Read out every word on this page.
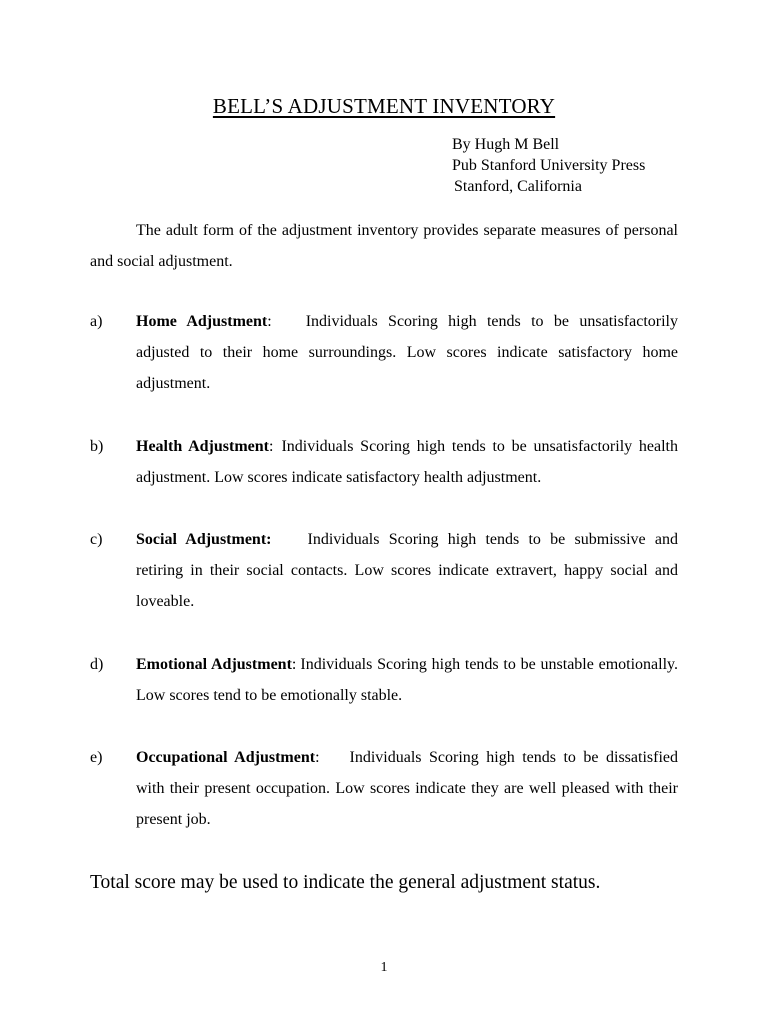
BELL’S ADJUSTMENT INVENTORY
By Hugh M Bell
Pub Stanford University Press
Stanford, California

The adult form of the adjustment inventory provides separate measures of personal and social adjustment.

a) Home Adjustment: Individuals Scoring high tends to be unsatisfactorily adjusted to their home surroundings. Low scores indicate satisfactory home adjustment.
b) Health Adjustment: Individuals Scoring high tends to be unsatisfactorily health adjustment. Low scores indicate satisfactory health adjustment.
c) Social Adjustment: Individuals Scoring high tends to be submissive and retiring in their social contacts. Low scores indicate extravert, happy social and loveable.
d) Emotional Adjustment: Individuals Scoring high tends to be unstable emotionally. Low scores tend to be emotionally stable.
e) Occupational Adjustment: Individuals Scoring high tends to be dissatisfied with their present occupation. Low scores indicate they are well pleased with their present job.
Total score may be used to indicate the general adjustment status.
1
